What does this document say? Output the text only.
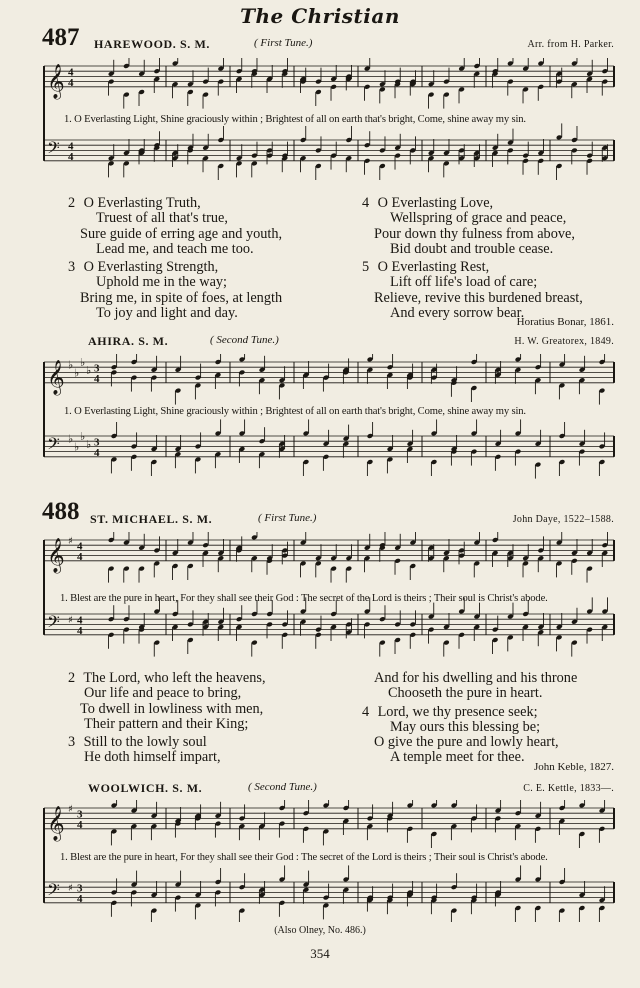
The Christian
487 HAREWOOD. S. M.	( First Tune.)	Arr. from H. Parker.
𝄞 4
4
𝄢 4
4
1. O Everlasting Light, Shine graciously within ; Brightest of all on earth that's bright, Come, shine away my sin.
2 O Everlasting Truth,
Truest of all that's true,
Sure guide of erring age and youth,
Lead me, and teach me too.
3 O Everlasting Strength,
Uphold me in the way;
Bring me, in spite of foes, at length
To joy and light and day.
4 O Everlasting Love,
Wellspring of grace and peace,
Pour down thy fulness from above,
Bid doubt and trouble cease.
5 O Everlasting Rest,
Lift off life's load of care;
Relieve, revive this burdened breast,
And every sorrow bear.
Horatius Bonar, 1861.
AHIRA. S. M.	( Second Tune.)	H. W. Greatorex, 1849.
𝄞 ♭
♭
♭
♭ 3
4
𝄢 ♭
♭
♭
♭ 3
4
1. O Everlasting Light, Shine graciously within ; Brightest of all on earth that's bright, Come, shine away my sin.
488 ST. MICHAEL. S. M.	( First Tune.)	John Daye, 1522–1588.
𝄞 ♯ 4
4
𝄢 ♯ 4
4
1. Blest are the pure in heart, For they shall see their God : The secret of the Lord is theirs ; Their soul is Christ's abode.
2 The Lord, who left the heavens,
Our life and peace to bring,
To dwell in lowliness with men,
Their pattern and their King;
3 Still to the lowly soul
He doth himself impart,
And for his dwelling and his throne
Chooseth the pure in heart.
4 Lord, we thy presence seek;
May ours this blessing be;
O give the pure and lowly heart,
A temple meet for thee.
John Keble, 1827.
WOOLWICH. S. M.	( Second Tune.)	C. E. Kettle, 1833—.
𝄞 ♯ 3
4
𝄢 ♯ 3
4
1. Blest are the pure in heart, For they shall see their God : The secret of the Lord is theirs ; Their soul is Christ's abode.
(Also Olney, No. 486.)
354
